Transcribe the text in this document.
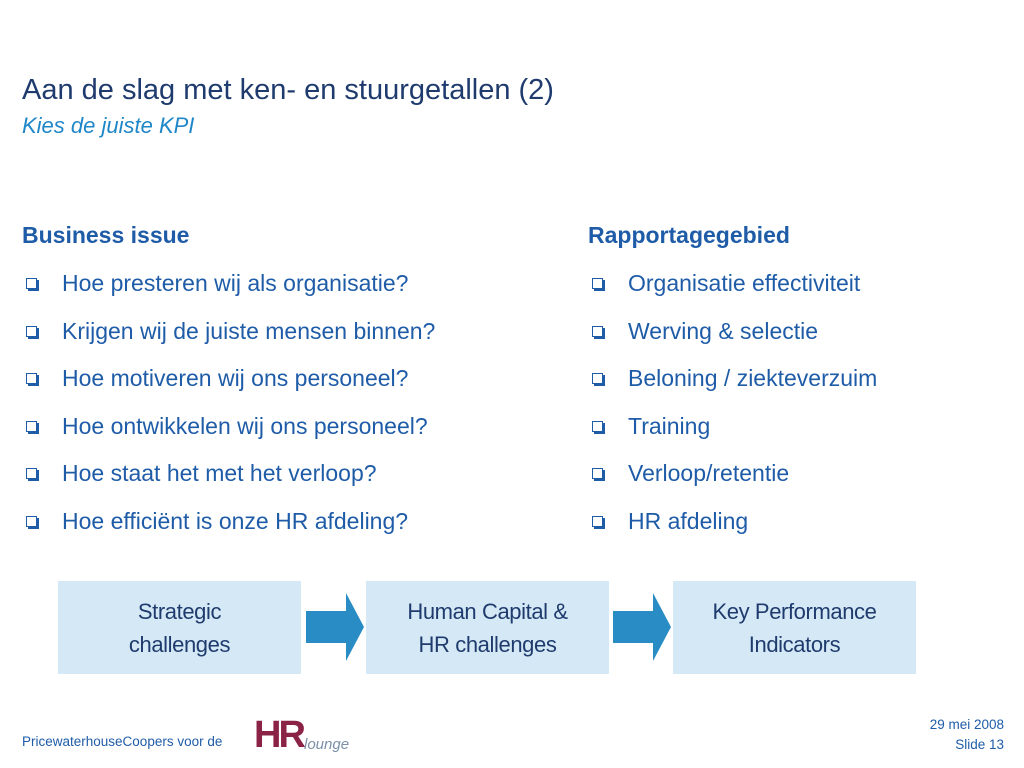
Aan de slag met ken- en stuurgetallen (2)
Kies de juiste KPI
Business issue
Hoe presteren wij als organisatie?
Krijgen wij de juiste mensen binnen?
Hoe motiveren wij ons personeel?
Hoe ontwikkelen wij ons personeel?
Hoe staat het met het verloop?
Hoe efficiënt is onze HR afdeling?
Rapportagegebied
Organisatie effectiviteit
Werving & selectie
Beloning / ziekteverzuim
Training
Verloop/retentie
HR afdeling
Strategic
challenges
Human Capital &
HR challenges
Key Performance
Indicators
PricewaterhouseCoopers voor de HR lounge
29 mei 2008
Slide 13
